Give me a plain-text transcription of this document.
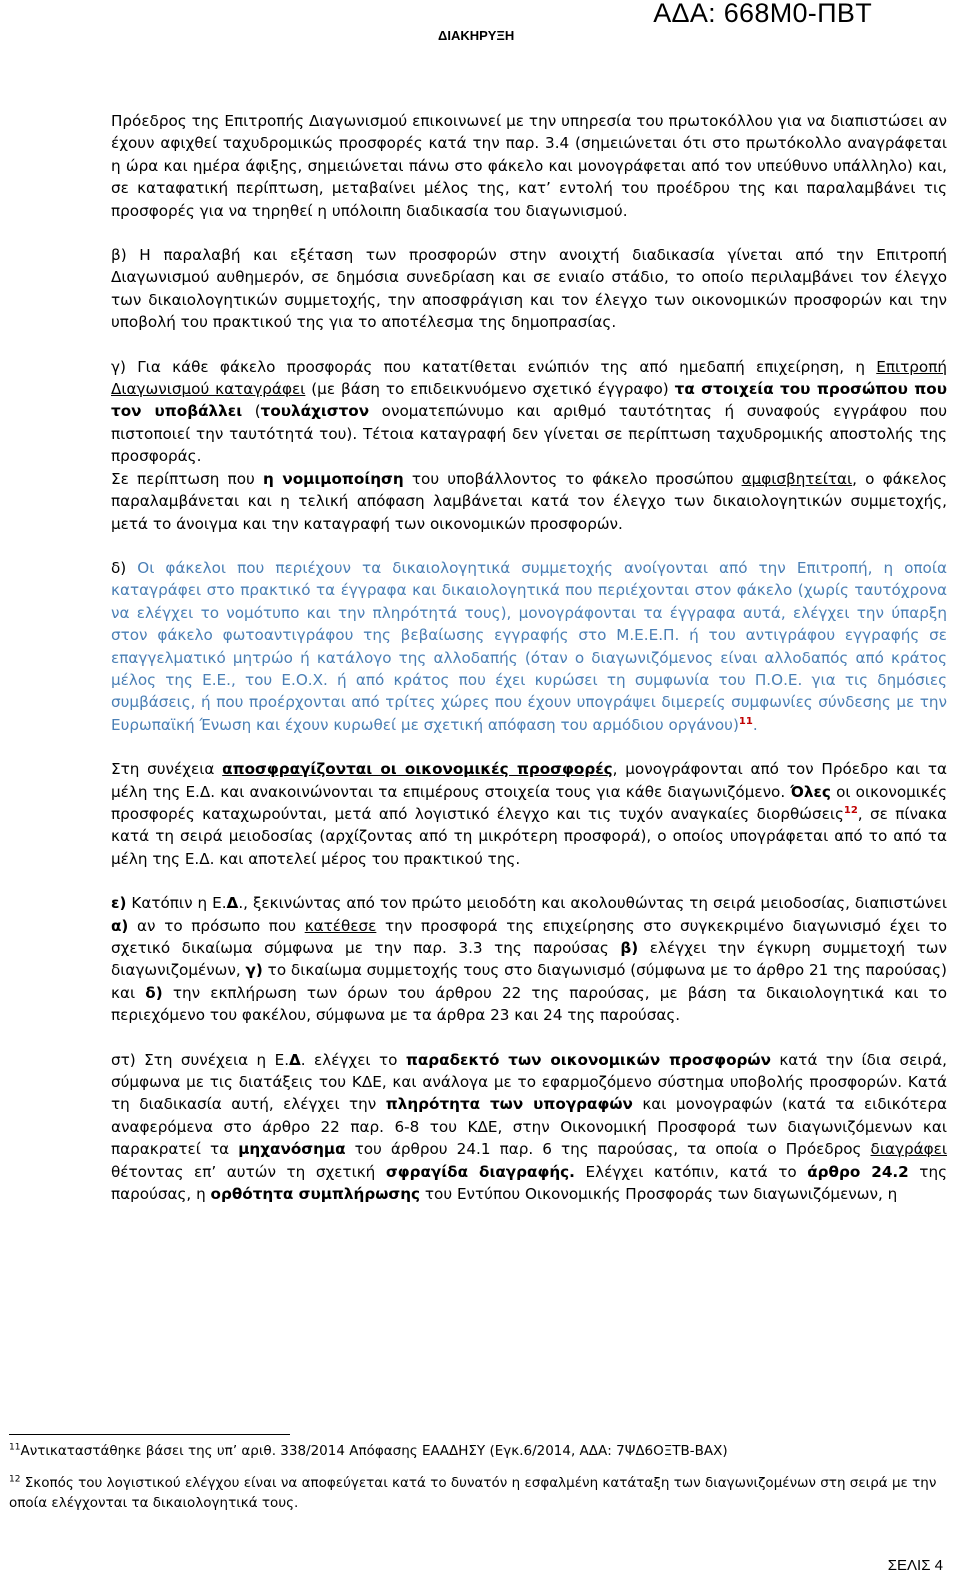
ΑΔΑ: 668Μ0-ΠΒΤ
ΔΙΑΚΗΡΥΞΗ

Πρόεδρος της Επιτροπής Διαγωνισμού επικοινωνεί με την υπηρεσία του πρωτοκόλλου για να διαπιστώσει αν έχουν αφιχθεί ταχυδρομικώς προσφορές κατά την παρ. 3.4 (σημειώνεται ότι στο πρωτόκολλο αναγράφεται η ώρα και ημέρα άφιξης, σημειώνεται πάνω στο φάκελο και μονογράφεται από τον υπεύθυνο υπάλληλο) και, σε καταφατική περίπτωση, μεταβαίνει μέλος της, κατ’ εντολή του προέδρου της και παραλαμβάνει τις προσφορές για να τηρηθεί η υπόλοιπη διαδικασία του διαγωνισμού.

β) Η παραλαβή και εξέταση των προσφορών στην ανοιχτή διαδικασία γίνεται από την Επιτροπή Διαγωνισμού αυθημερόν, σε δημόσια συνεδρίαση και σε ενιαίο στάδιο, το οποίο περιλαμβάνει τον έλεγχο των δικαιολογητικών συμμετοχής, την αποσφράγιση και τον έλεγχο των οικονομικών προσφορών και την υποβολή του πρακτικού της για το αποτέλεσμα της δημοπρασίας.

γ) Για κάθε φάκελο προσφοράς που κατατίθεται ενώπιόν της από ημεδαπή επιχείρηση, η Επιτροπή Διαγωνισμού καταγράφει (με βάση το επιδεικνυόμενο σχετικό έγγραφο) τα στοιχεία του προσώπου που τον υποβάλλει (τουλάχιστον ονοματεπώνυμο και αριθμό ταυτότητας ή συναφούς εγγράφου που πιστοποιεί την ταυτότητά του). Τέτοια καταγραφή δεν γίνεται σε περίπτωση ταχυδρομικής αποστολής της προσφοράς.

Σε περίπτωση που η νομιμοποίηση του υποβάλλοντος το φάκελο προσώπου αμφισβητείται, ο φάκελος παραλαμβάνεται και η τελική απόφαση λαμβάνεται κατά τον έλεγχο των δικαιολογητικών συμμετοχής, μετά το άνοιγμα και την καταγραφή των οικονομικών προσφορών.

δ) Οι φάκελοι που περιέχουν τα δικαιολογητικά συμμετοχής ανοίγονται από την Επιτροπή, η οποία καταγράφει στο πρακτικό τα έγγραφα και δικαιολογητικά που περιέχονται στον φάκελο (χωρίς ταυτόχρονα να ελέγχει το νομότυπο και την πληρότητά τους), μονογράφονται τα έγγραφα αυτά, ελέγχει την ύπαρξη στον φάκελο φωτοαντιγράφου της βεβαίωσης εγγραφής στο Μ.Ε.Ε.Π. ή του αντιγράφου εγγραφής σε επαγγελματικό μητρώο ή κατάλογο της αλλοδαπής (όταν ο διαγωνιζόμενος είναι αλλοδαπός από κράτος μέλος της Ε.Ε., του Ε.Ο.Χ. ή από κράτος που έχει κυρώσει τη συμφωνία του Π.Ο.Ε. για τις δημόσιες συμβάσεις, ή που προέρχονται από τρίτες χώρες που έχουν υπογράψει διμερείς συμφωνίες σύνδεσης με την Ευρωπαϊκή Ένωση και έχουν κυρωθεί με σχετική απόφαση του αρμόδιου οργάνου)$^{11}$.

Στη συνέχεια αποσφραγίζονται οι οικονομικές προσφορές, μονογράφονται από τον Πρόεδρο και τα μέλη της Ε.Δ. και ανακοινώνονται τα επιμέρους στοιχεία τους για κάθε διαγωνιζόμενο. Όλες οι οικονομικές προσφορές καταχωρούνται, μετά από λογιστικό έλεγχο και τις τυχόν αναγκαίες διορθώσεις$^{12}$, σε πίνακα κατά τη σειρά μειοδοσίας (αρχίζοντας από τη μικρότερη προσφορά), ο οποίος υπογράφεται από το από τα μέλη της Ε.Δ. και αποτελεί μέρος του πρακτικού της.

ε) Κατόπιν η Ε.Δ., ξεκινώντας από τον πρώτο μειοδότη και ακολουθώντας τη σειρά μειοδοσίας, διαπιστώνει α) αν το πρόσωπο που κατέθεσε την προσφορά της επιχείρησης στο συγκεκριμένο διαγωνισμό έχει το σχετικό δικαίωμα σύμφωνα με την παρ. 3.3 της παρούσας β) ελέγχει την έγκυρη συμμετοχή των διαγωνιζομένων, γ) το δικαίωμα συμμετοχής τους στο διαγωνισμό (σύμφωνα με το άρθρο 21 της παρούσας) και δ) την εκπλήρωση των όρων του άρθρου 22 της παρούσας, με βάση τα δικαιολογητικά και το περιεχόμενο του φακέλου, σύμφωνα με τα άρθρα 23 και 24 της παρούσας.

στ) Στη συνέχεια η Ε.Δ. ελέγχει το παραδεκτό των οικονομικών προσφορών κατά την ίδια σειρά, σύμφωνα με τις διατάξεις του ΚΔΕ, και ανάλογα με το εφαρμοζόμενο σύστημα υποβολής προσφορών. Κατά τη διαδικασία αυτή, ελέγχει την πληρότητα των υπογραφών και μονογραφών (κατά τα ειδικότερα αναφερόμενα στο άρθρο 22 παρ. 6-8 του ΚΔΕ, στην Οικονομική Προσφορά των διαγωνιζόμενων και παρακρατεί τα μηχανόσημα του άρθρου 24.1 παρ. 6 της παρούσας, τα οποία ο Πρόεδρος διαγράφει θέτοντας επ’ αυτών τη σχετική σφραγίδα διαγραφής. Ελέγχει κατόπιν, κατά το άρθρο 24.2 της παρούσας, η ορθότητα συμπλήρωσης του Εντύπου Οικονομικής Προσφοράς των διαγωνιζόμενων, η

$^{11}$Αντικαταστάθηκε βάσει της υπ’ αριθ. 338/2014 Απόφασης ΕΑΑΔΗΣΥ (Εγκ.6/2014, ΑΔΑ: 7ΨΔ6ΟΞΤΒ-ΒΑΧ)
$^{12}$ Σκοπός του λογιστικού ελέγχου είναι να αποφεύγεται κατά το δυνατόν η εσφαλμένη κατάταξη των διαγωνιζομένων στη σειρά με την οποία ελέγχονται τα δικαιολογητικά τους.
ΣΕΛΙΣ 4
